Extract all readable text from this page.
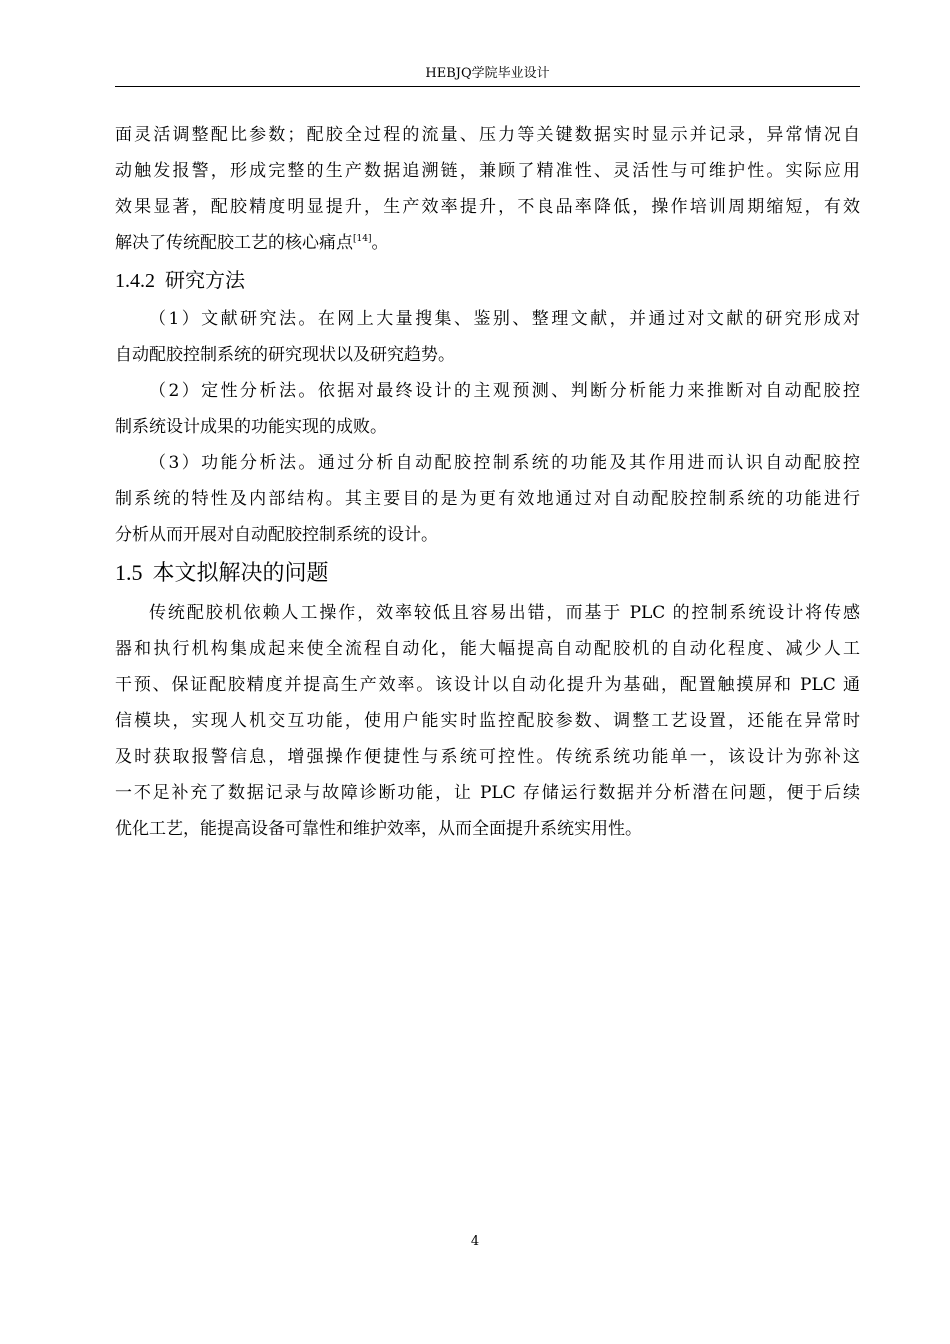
HEBJQ学院毕业设计
面灵活调整配比参数；配胶全过程的流量、压力等关键数据实时显示并记录，异常情况自
动触发报警，形成完整的生产数据追溯链，兼顾了精准性、灵活性与可维护性。实际应用
效果显著，配胶精度明显提升，生产效率提升，不良品率降低，操作培训周期缩短，有效
解决了传统配胶工艺的核心痛点[14]。
1.4.2 研究方法
（1）文献研究法。在网上大量搜集、鉴别、整理文献，并通过对文献的研究形成对
自动配胶控制系统的研究现状以及研究趋势。
（2）定性分析法。依据对最终设计的主观预测、判断分析能力来推断对自动配胶控
制系统设计成果的功能实现的成败。
（3）功能分析法。通过分析自动配胶控制系统的功能及其作用进而认识自动配胶控
制系统的特性及内部结构。其主要目的是为更有效地通过对自动配胶控制系统的功能进行
分析从而开展对自动配胶控制系统的设计。
1.5 本文拟解决的问题
传统配胶机依赖人工操作，效率较低且容易出错，而基于 PLC 的控制系统设计将传感
器和执行机构集成起来使全流程自动化，能大幅提高自动配胶机的自动化程度、减少人工
干预、保证配胶精度并提高生产效率。该设计以自动化提升为基础，配置触摸屏和 PLC 通
信模块，实现人机交互功能，使用户能实时监控配胶参数、调整工艺设置，还能在异常时
及时获取报警信息，增强操作便捷性与系统可控性。传统系统功能单一，该设计为弥补这
一不足补充了数据记录与故障诊断功能，让 PLC 存储运行数据并分析潜在问题，便于后续
优化工艺，能提高设备可靠性和维护效率，从而全面提升系统实用性。
4
